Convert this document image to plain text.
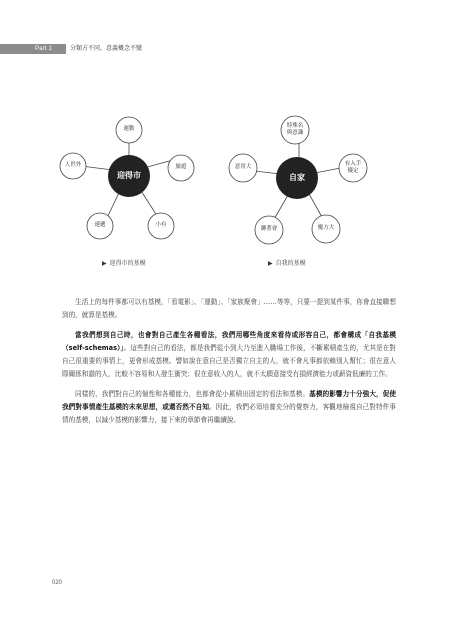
Part 1	分類方不同，意義概念不變
運動
旅遊
小有
速遞
人世外
迎得市
▶ 迎得市的基模
特殊名
與意識
有入手
優定
魔方大
聊著會
意用大
自家
▶ 自我的基模

生活上的每件事都可以有基模，「看電影」、「運動」、「家族聚會」……等等，只要一提到某件事，你會直接聯想到的，就算是基模。

當我們想到自己時，也會對自己產生各種看法，我們用哪些角度來看待或形容自己，都會構成「自我基模（self-schemas）」。這些對自己的看法，都是我們從小到大乃至進入職場工作後，不斷累積產生的，尤其是在對自己很重要的事情上，更會形成基模。譬如說在意自己是否獨立自主的人，就不會凡事都依賴別人幫忙；很在意人際關係和諧的人，比較不容易和人發生衝突；很在意收入的人，就不太願意接受有損經濟能力或薪資低廉的工作。

同樣的，我們對自己的個性和各種能力，也都會從小累積出固定的看法和基模。基模的影響力十分強大，促使我們對事情產生基模的未來思想，或還否然不自知。因此，我們必須培養充分的覺察力，客觀地檢視自己對特件事情的基模，以減少基模的影響力，接下來的章節會再繼續說。

020
